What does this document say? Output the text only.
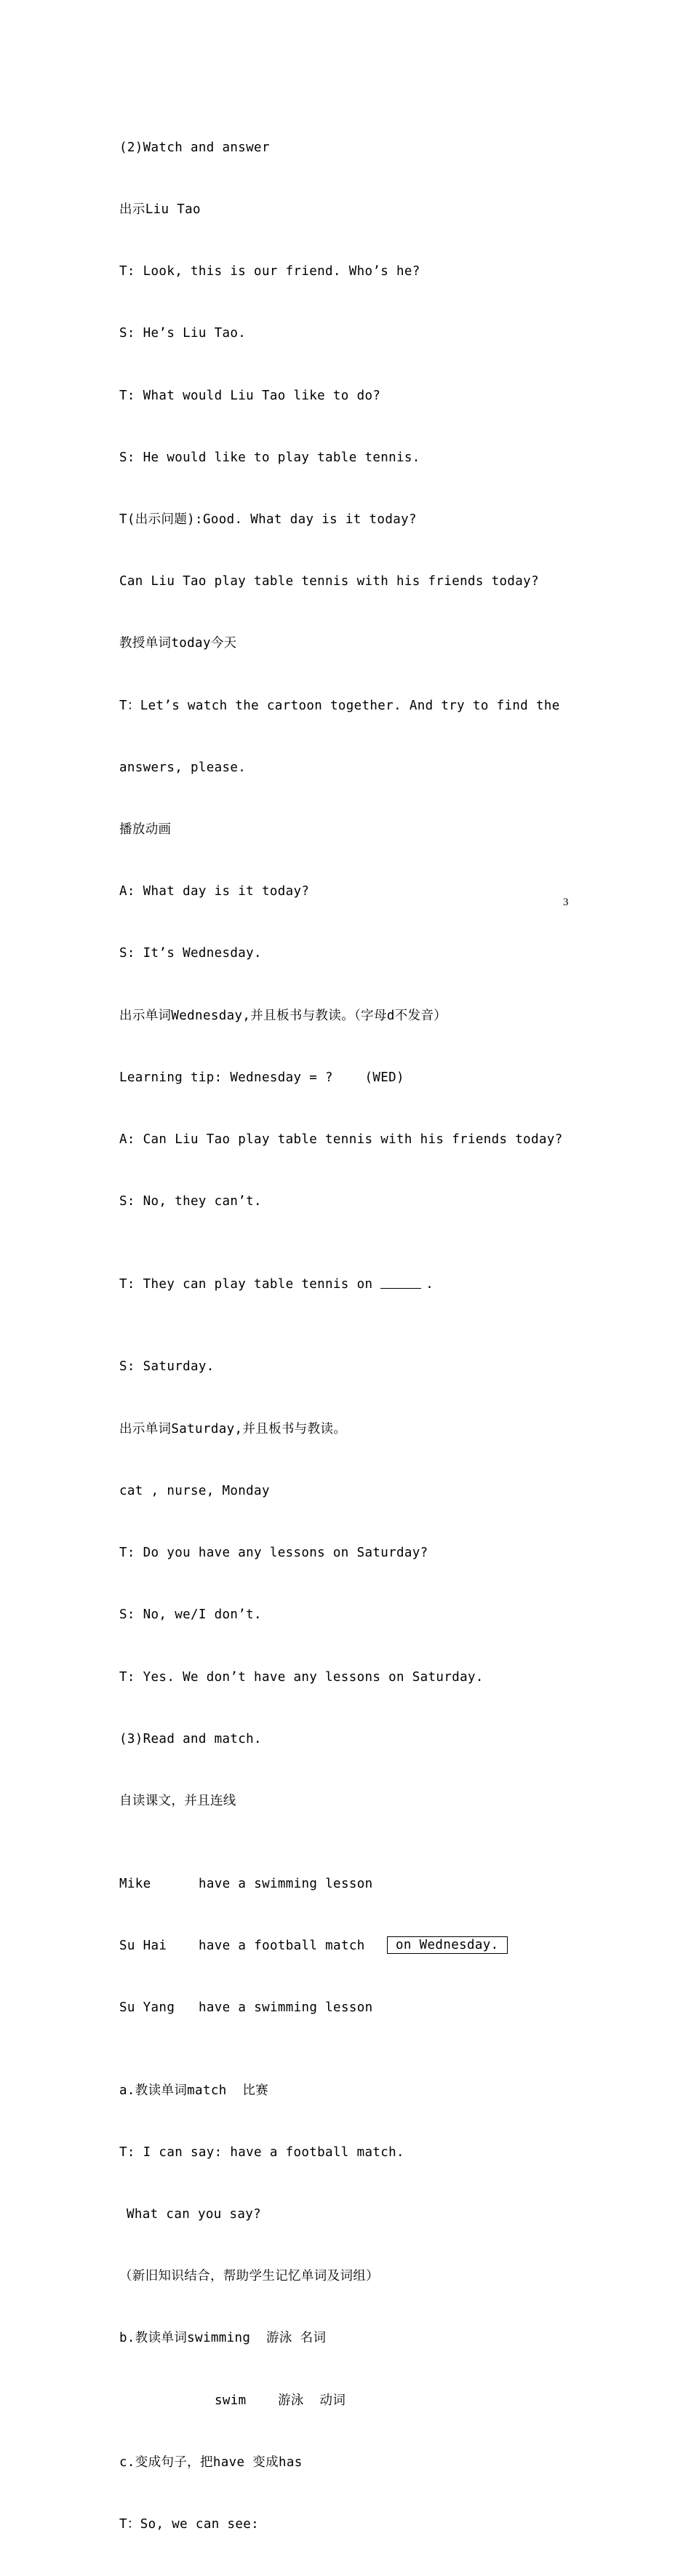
(2)Watch and answer

出示Liu Tao

T: Look, this is our friend. Who’s he?

S: He’s Liu Tao.

T: What would Liu Tao like to do?

S: He would like to play table tennis.

T(出示问题):Good. What day is it today?

Can Liu Tao play table tennis with his friends today?

教授单词today今天

T：Let’s watch the cartoon together. And try to find the

answers, please.

播放动画

A: What day is it today?

S: It’s Wednesday.

出示单词Wednesday,并且板书与教读。（字母d不发音）

Learning tip: Wednesday = ?    (WED)

A: Can Liu Tao play table tennis with his friends today?

S: No, they can’t.

T: They can play table tennis on	.

S: Saturday.

出示单词Saturday,并且板书与教读。

cat , nurse, Monday

T: Do you have any lessons on Saturday?

S: No, we/I don’t.

T: Yes. We don’t have any lessons on Saturday.

(3)Read and match.

自读课文，并且连线

Mike	have a swimming lesson

Su Hai have a football match on Wednesday.

Su Yang have a swimming lesson

a.教读单词match  比赛

T: I can say: have a football match.

What can you say?

（新旧知识结合，帮助学生记忆单词及词组）

b.教读单词swimming  游泳 名词

swim    游泳  动词

c.变成句子，把have 变成has

T：So, we can see:

3
